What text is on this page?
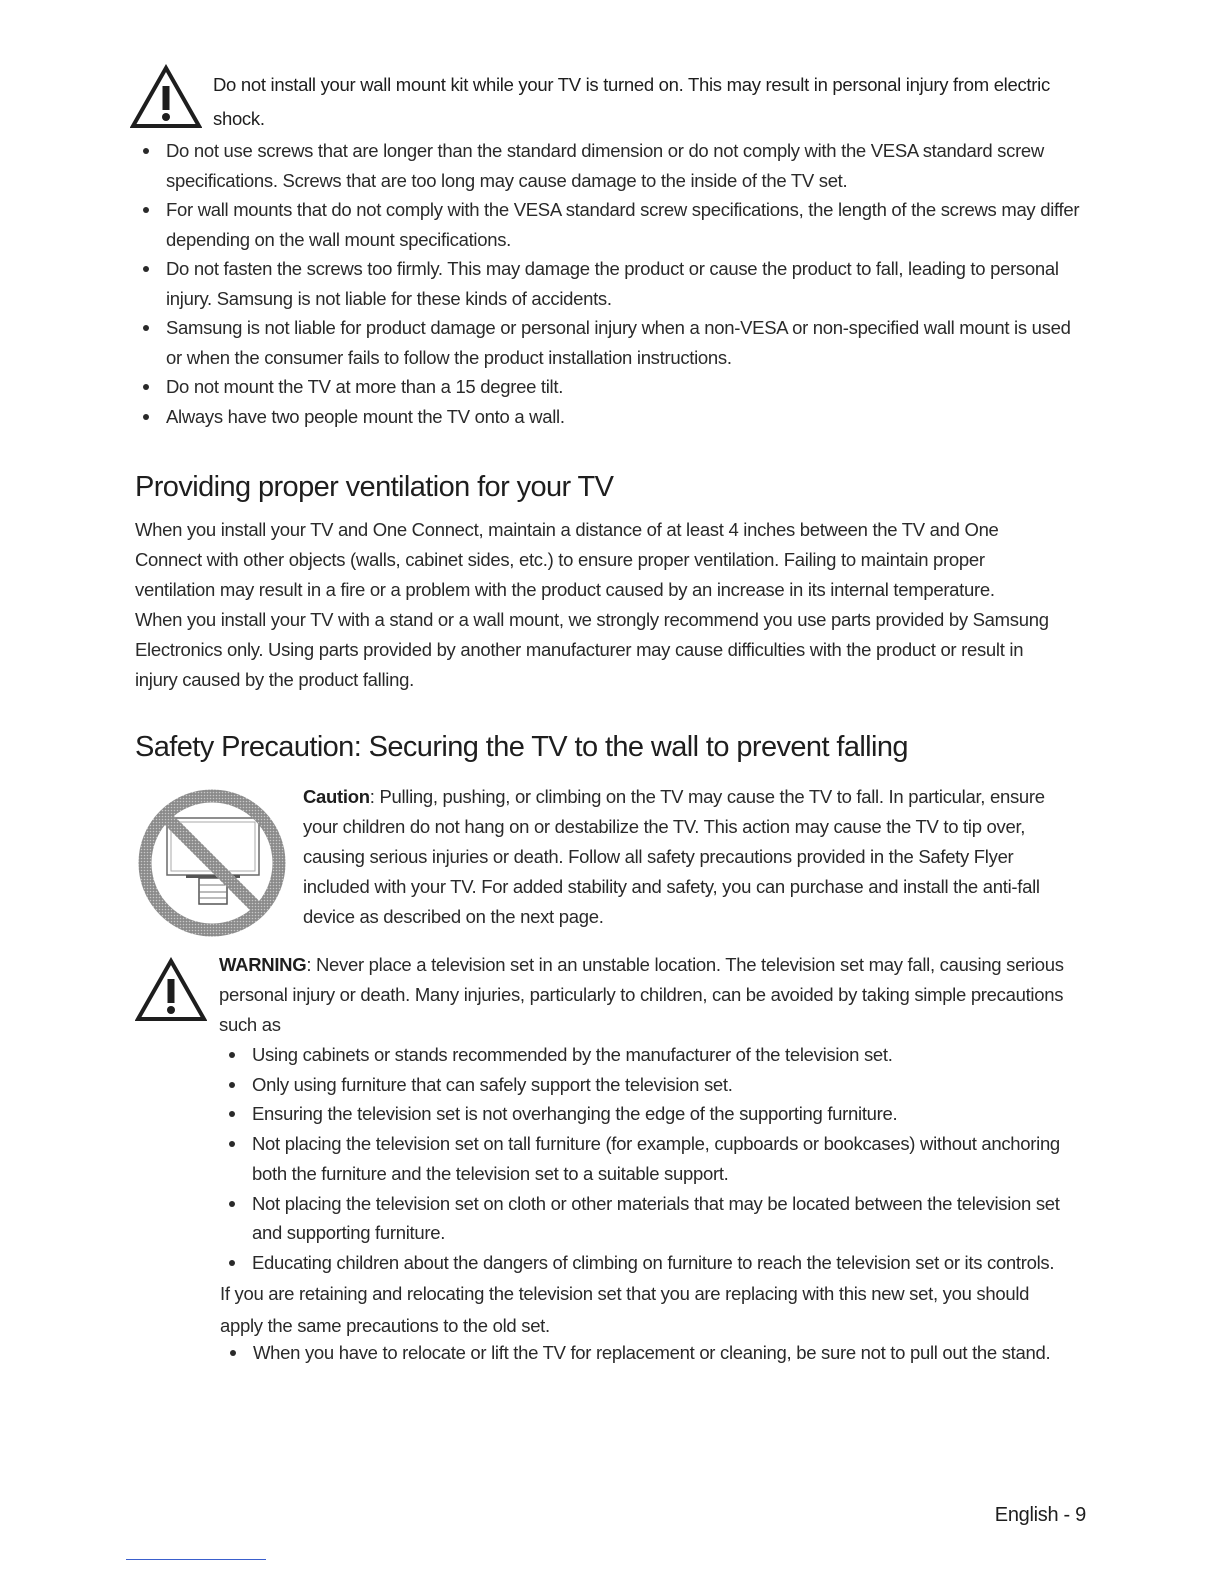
Do not install your wall mount kit while your TV is turned on. This may result in personal injury from electric shock.

Do not use screws that are longer than the standard dimension or do not comply with the VESA standard screw specifications. Screws that are too long may cause damage to the inside of the TV set.
For wall mounts that do not comply with the VESA standard screw specifications, the length of the screws may differ depending on the wall mount specifications.
Do not fasten the screws too firmly. This may damage the product or cause the product to fall, leading to personal injury. Samsung is not liable for these kinds of accidents.
Samsung is not liable for product damage or personal injury when a non-VESA or non-specified wall mount is used or when the consumer fails to follow the product installation instructions.
Do not mount the TV at more than a 15 degree tilt.
Always have two people mount the TV onto a wall.
Providing proper ventilation for your TV

When you install your TV and One Connect, maintain a distance of at least 4 inches between the TV and One Connect with other objects (walls, cabinet sides, etc.) to ensure proper ventilation. Failing to maintain proper ventilation may result in a fire or a problem with the product caused by an increase in its internal temperature.

When you install your TV with a stand or a wall mount, we strongly recommend you use parts provided by Samsung Electronics only. Using parts provided by another manufacturer may cause difficulties with the product or result in injury caused by the product falling.

Safety Precaution: Securing the TV to the wall to prevent falling

Caution: Pulling, pushing, or climbing on the TV may cause the TV to fall. In particular, ensure your children do not hang on or destabilize the TV. This action may cause the TV to tip over, causing serious injuries or death. Follow all safety precautions provided in the Safety Flyer included with your TV. For added stability and safety, you can purchase and install the anti-fall device as described on the next page.

WARNING: Never place a television set in an unstable location. The television set may fall, causing serious personal injury or death. Many injuries, particularly to children, can be avoided by taking simple precautions such as

Using cabinets or stands recommended by the manufacturer of the television set.
Only using furniture that can safely support the television set.
Ensuring the television set is not overhanging the edge of the supporting furniture.
Not placing the television set on tall furniture (for example, cupboards or bookcases) without anchoring both the furniture and the television set to a suitable support.
Not placing the television set on cloth or other materials that may be located between the television set and supporting furniture.
Educating children about the dangers of climbing on furniture to reach the television set or its controls.

If you are retaining and relocating the television set that you are replacing with this new set, you should apply the same precautions to the old set.

When you have to relocate or lift the TV for replacement or cleaning, be sure not to pull out the stand.
English - 9
